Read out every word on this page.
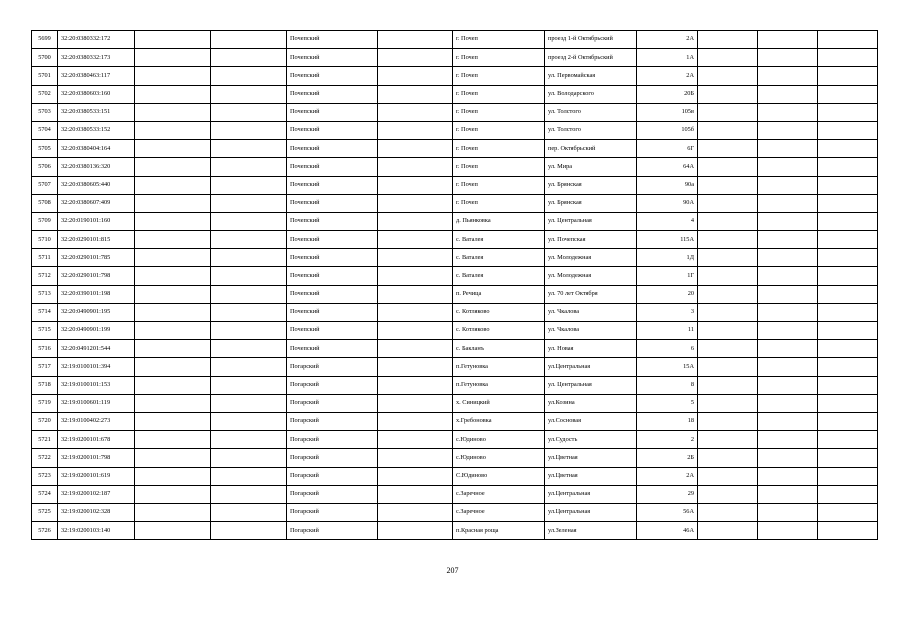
5699	32:20:0380332:172			Почепский		г. Почеп	проезд 1-й Октябрьский	2А			
5700	32:20:0380332:173			Почепский		г. Почеп	проезд 2-й Октябрьский	1А			
5701	32:20:0380463:117			Почепский		г. Почеп	ул. Первомайская	2А			
5702	32:20:0380603:160			Почепский		г. Почеп	ул. Володарского	20Б			
5703	32:20:0380533:151			Почепский		г. Почеп	ул. Толстого	105в			
5704	32:20:0380533:152			Почепский		г. Почеп	ул. Толстого	105б			
5705	32:20:0380404:164			Почепский		г. Почеп	пер. Октябрьский	6Г			
5706	32:20:0380136:320			Почепский		г. Почеп	ул. Мира	64А			
5707	32:20:0380605:440			Почепский		г. Почеп	ул. Брянская	90а			
5708	32:20:0380607:409			Почепский		г. Почеп	ул. Брянская	90А			
5709	32:20:0190101:160			Почепский		д. Пьянковка	ул. Центральная	4			
5710	32:20:0290101:815			Почепский		с. Ваталея	ул. Почепская	115А			
5711	32:20:0290101:785			Почепский		с. Ваталея	ул. Молодежная	1Д			
5712	32:20:0290101:798			Почепский		с. Ваталея	ул. Молодежная	1Г			
5713	32:20:0390101:198			Почепский		п. Речица	ул. 70 лет Октября	20			
5714	32:20:0490901:195			Почепский		с. Котляково	ул. Чкалова	3			
5715	32:20:0490901:199			Почепский		с. Котляково	ул. Чкалова	11			
5716	32:20:0491201:544			Почепский		с. Бакланъ	ул. Новая	6			
5717	32:19:0100101:394			Погарский		п.Гетуновка	ул.Центральная	15А			
5718	32:19:0100101:153			Погарский		п.Гетуновка	ул. Центральная	8			
5719	32:19:0100601:119			Погарский		х. Синицкий	ул.Козина	5			
5720	32:19:0100402:273			Погарский		х.Гребоновка	ул.Сосновая	18			
5721	32:19:0200101:678			Погарский		с.Юдиново	ул.Судость	2			
5722	32:19:0200101:798			Погарский		с.Юдиново	ул.Цветная	2Б			
5723	32:19:0200101:619			Погарский		С.Юдиново	ул.Цветная	2А			
5724	32:19:0200102:187			Погарский		с.Заречное	ул.Центральная	29			
5725	32:19:0200102:328			Погарский		с.Заречное	ул.Центральная	56А			
5726	32:19:0200103:140			Погарский		п.Красная роща	ул.Зеленая	46А			
207
